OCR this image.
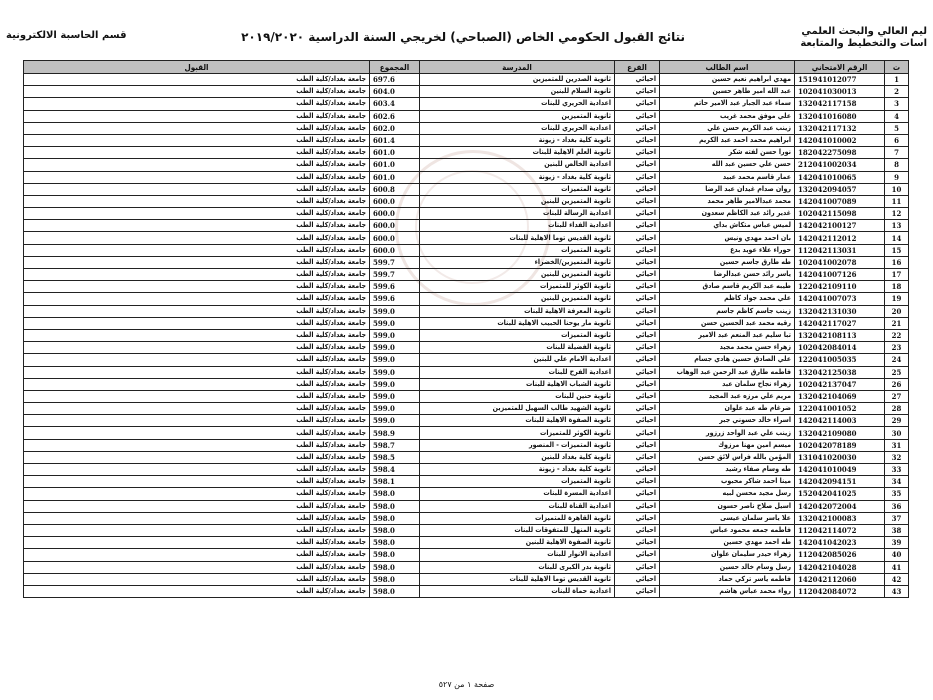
ليم العالي والبحث العلمي
اسات والتخطيط والمتابعة
نتائج القبول الحكومي الخاص (الصباحي) لخريجي السنة الدراسية ٢٠١٩/٢٠٢٠
قسم الحاسبة الالكترونية
ت	الرقم الامتحاني	اسم الطالب	الفرع	المدرسة	المجموع	القبول
1	151941012077	مهدي ابراهيم نعيم حسين	احيائي	ثانوية الصدرين للمتميزين	697.6	جامعة بغداد/كلية الطب
2	102041030013	عبد الله امير طاهر حسين	احيائي	ثانوية السلام للبنين	604.0	جامعة بغداد/كلية الطب
3	132042117158	سماء عبد الجبار عبد الامير حاتم	احيائي	اعدادية الحريري للبنات	603.4	جامعة بغداد/كلية الطب
4	132041016080	علي موفق محمد غريب	احيائي	ثانوية المتميزين	602.6	جامعة بغداد/كلية الطب
5	132042117132	زينب عبد الكريم حسن علي	احيائي	اعدادية الحريري للبنات	602.0	جامعة بغداد/كلية الطب
6	142041010002	ابراهيم محمد احمد عبد الكريم	احيائي	ثانوية كلية بغداد - زيونة	601.4	جامعة بغداد/كلية الطب
7	182042275098	نورا حسن لفته شكر	احيائي	ثانوية العلم الاهلية للبنات	601.0	جامعة بغداد/كلية الطب
8	212041002034	حسن علي حسين عبد الله	احيائي	اعدادية الخالص للبنين	601.0	جامعة بغداد/كلية الطب
9	142041010065	عمار قاسم محمد عبيد	احيائي	ثانوية كلية بغداد - زيونة	601.0	جامعة بغداد/كلية الطب
10	132042094057	روان صدام غيدان عبد الرضا	احيائي	ثانوية المتميزات	600.8	جامعة بغداد/كلية الطب
11	142041007089	محمد عبدالامير طاهر محمد	احيائي	ثانوية المتميزين للبنين	600.0	جامعة بغداد/كلية الطب
12	102042115098	غدير رائد عبد الكاظم سعدون	احيائي	اعدادية الرسالة للبنات	600.0	جامعة بغداد/كلية الطب
13	142042100127	لميس عباس متكاش بداي	احيائي	اعدادية الفداء للبنات	600.0	جامعة بغداد/كلية الطب
14	142042112012	بان احمد مهدي ونيس	احيائي	ثانوية القديس توما الاهلية للبنات	600.0	جامعة بغداد/كلية الطب
15	112042113031	حوراء علاء عويد بدع	احيائي	ثانوية المتميزات	600.0	جامعة بغداد/كلية الطب
16	102041002078	طه طارق جاسم حسين	احيائي	ثانوية المتميزين/الخضراء	599.7	جامعة بغداد/كلية الطب
17	142041007126	ياسر رائد حسن عبدالرضا	احيائي	ثانوية المتميزين للبنين	599.7	جامعة بغداد/كلية الطب
18	122042109110	طيبه عبد الكريم قاسم صادق	احيائي	ثانوية الكوثر للمتميزات	599.6	جامعة بغداد/كلية الطب
19	142041007073	علي محمد جواد كاظم	احيائي	ثانوية المتميزين للبنين	599.6	جامعة بغداد/كلية الطب
20	132042131030	زينب جاسم كاظم جاسم	احيائي	ثانوية المعرفة الاهلية للبنات	599.0	جامعة بغداد/كلية الطب
21	142042117027	رقيه محمد عبد الحسين حسن	احيائي	ثانوية مار يوحنا الحبيب الاهلية للبنات	599.0	جامعة بغداد/كلية الطب
22	132042108113	تبا سليم عبد المنعم عبد الامير	احيائي	ثانوية المتميزات	599.0	جامعة بغداد/كلية الطب
23	102042084014	زهراء حسن محمد مجيد	احيائي	ثانوية الفضيلة للبنات	599.0	جامعة بغداد/كلية الطب
24	122041005035	علي الصادق حسين هادي جسام	احيائي	اعدادية الامام علي للبنين	599.0	جامعة بغداد/كلية الطب
25	132042125038	فاطمه طارق عبد الرحمن عبد الوهاب	احيائي	اعدادية الفرح للبنات	599.0	جامعة بغداد/كلية الطب
26	102042137047	زهراء نجاح سلمان عبد	احيائي	ثانوية الشباب الاهلية للبنات	599.0	جامعة بغداد/كلية الطب
27	132042104069	مريم علي مرزه عبد المجيد	احيائي	ثانوية حنين للبنات	599.0	جامعة بغداد/كلية الطب
28	122041001052	ضرغام طه عبد علوان	احيائي	ثانوية الشهيد طالب السهيل للمتميزين	599.0	جامعة بغداد/كلية الطب
29	142042114003	اسراء خالد حسوني جبر	احيائي	ثانوية الصفوة الاهلية للبنات	599.0	جامعة بغداد/كلية الطب
30	132042109080	زينب علي عبد الواحد زرزور	احيائي	ثانوية الكوثر للمتميزات	598.9	جامعة بغداد/كلية الطب
31	102042078189	ميسم امين مهنا مرزوك	احيائي	ثانوية المتميزات - المنصور	598.7	جامعة بغداد/كلية الطب
32	131041020030	المؤمن بالله فراس لائق حسن	احيائي	ثانوية كلية بغداد للبنين	598.5	جامعة بغداد/كلية الطب
33	142041010049	طه وسام صفاء رشيد	احيائي	ثانوية كلية بغداد - زيونة	598.4	جامعة بغداد/كلية الطب
34	142042094151	مينا احمد شاكر محبوب	احيائي	ثانوية المتميزات	598.1	جامعة بغداد/كلية الطب
35	152042041025	رسل مجيد محسن لبيه	احيائي	اعدادية المسرة للبنات	598.0	جامعة بغداد/كلية الطب
36	142042072004	اسيل صلاح ناصر حسون	احيائي	اعدادية القناة للبنات	598.0	جامعة بغداد/كلية الطب
37	132042100083	علا ياسر سلمان عيسى	احيائي	ثانوية القاهرة للمتميزات	598.0	جامعة بغداد/كلية الطب
38	112042114072	فاطمه جمعه محمود عباس	احيائي	ثانوية المنهل للمتفوقات للبنات	598.0	جامعة بغداد/كلية الطب
39	142041042023	طه احمد مهدي حسين	احيائي	ثانوية الصفوة الاهلية للبنين	598.0	جامعة بغداد/كلية الطب
40	112042085026	زهراء حيدر سليمان علوان	احيائي	اعدادية الانوار للبنات	598.0	جامعة بغداد/كلية الطب
41	142042104028	رسل وسام خالد حسين	احيائي	ثانوية بدر الكبرى للبنات	598.0	جامعة بغداد/كلية الطب
42	142042112060	فاطمه ياسر تركي حماد	احيائي	ثانوية القديس توما الاهلية للبنات	598.0	جامعة بغداد/كلية الطب
43	112042084072	رواء محمد عباس هاشم	احيائي	اعدادية حماة للبنات	598.0	جامعة بغداد/كلية الطب
صفحة ١ من ٥٢٧
